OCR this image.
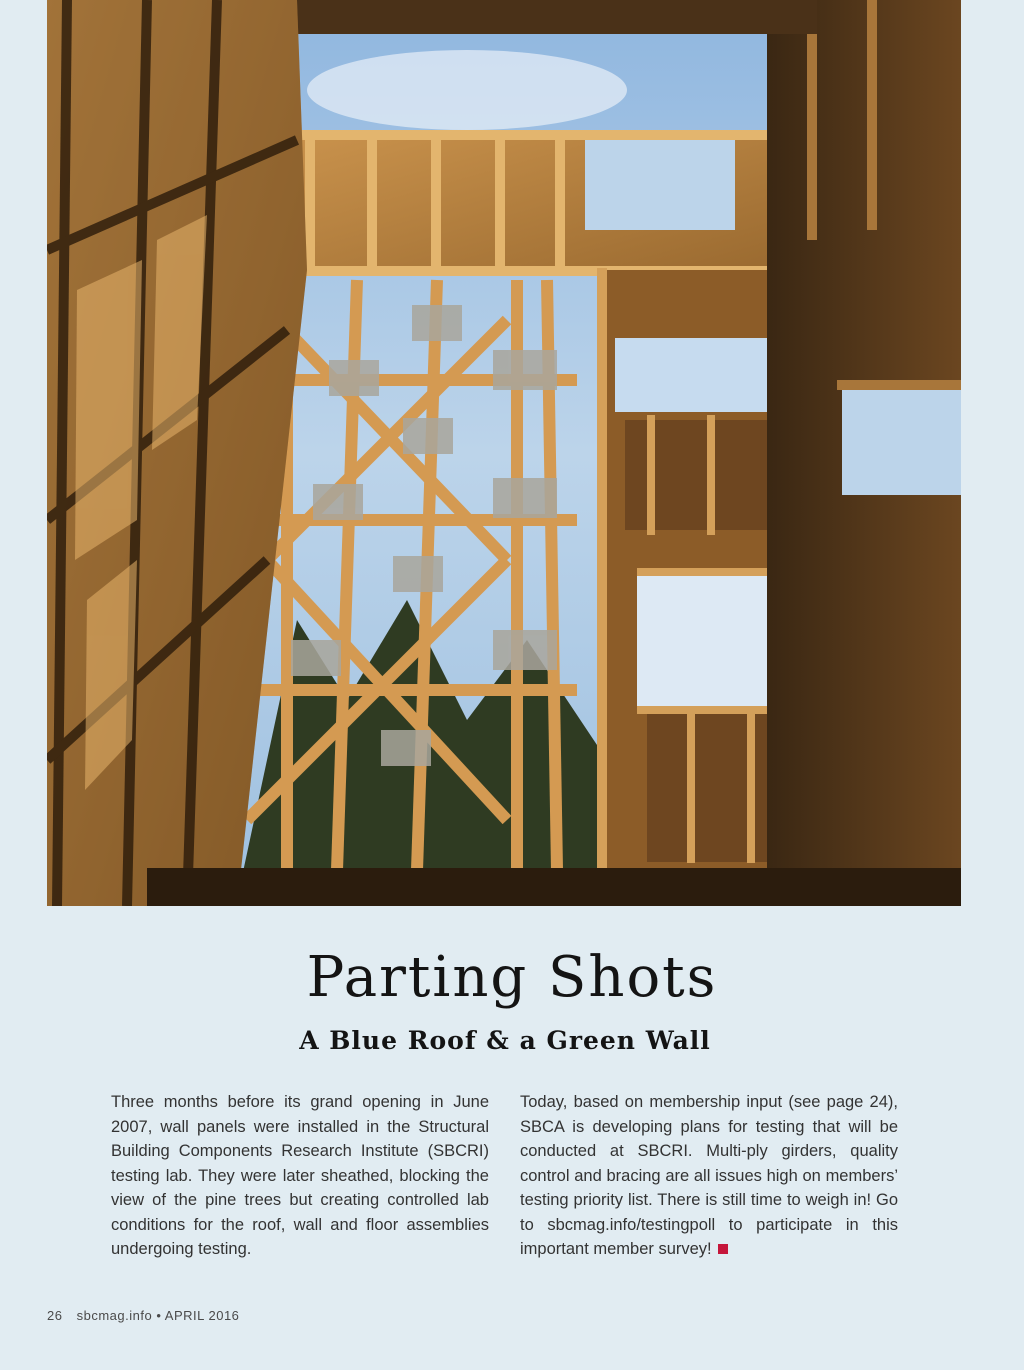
Parting Shots
A Blue Roof & a Green Wall
Three months before its grand opening in June 2007, wall panels were installed in the Structural Building Components Research Institute (SBCRI) testing lab. They were later sheathed, blocking the view of the pine trees but creating controlled lab conditions for the roof, wall and floor assemblies undergoing testing.
Today, based on membership input (see page 24), SBCA is developing plans for testing that will be conducted at SBCRI. Multi-ply girders, quality control and bracing are all issues high on members’ testing priority list. There is still time to weigh in! Go to sbcmag.info/testingpoll to participate in this important member survey!
26 sbcmag.info • APRIL 2016
